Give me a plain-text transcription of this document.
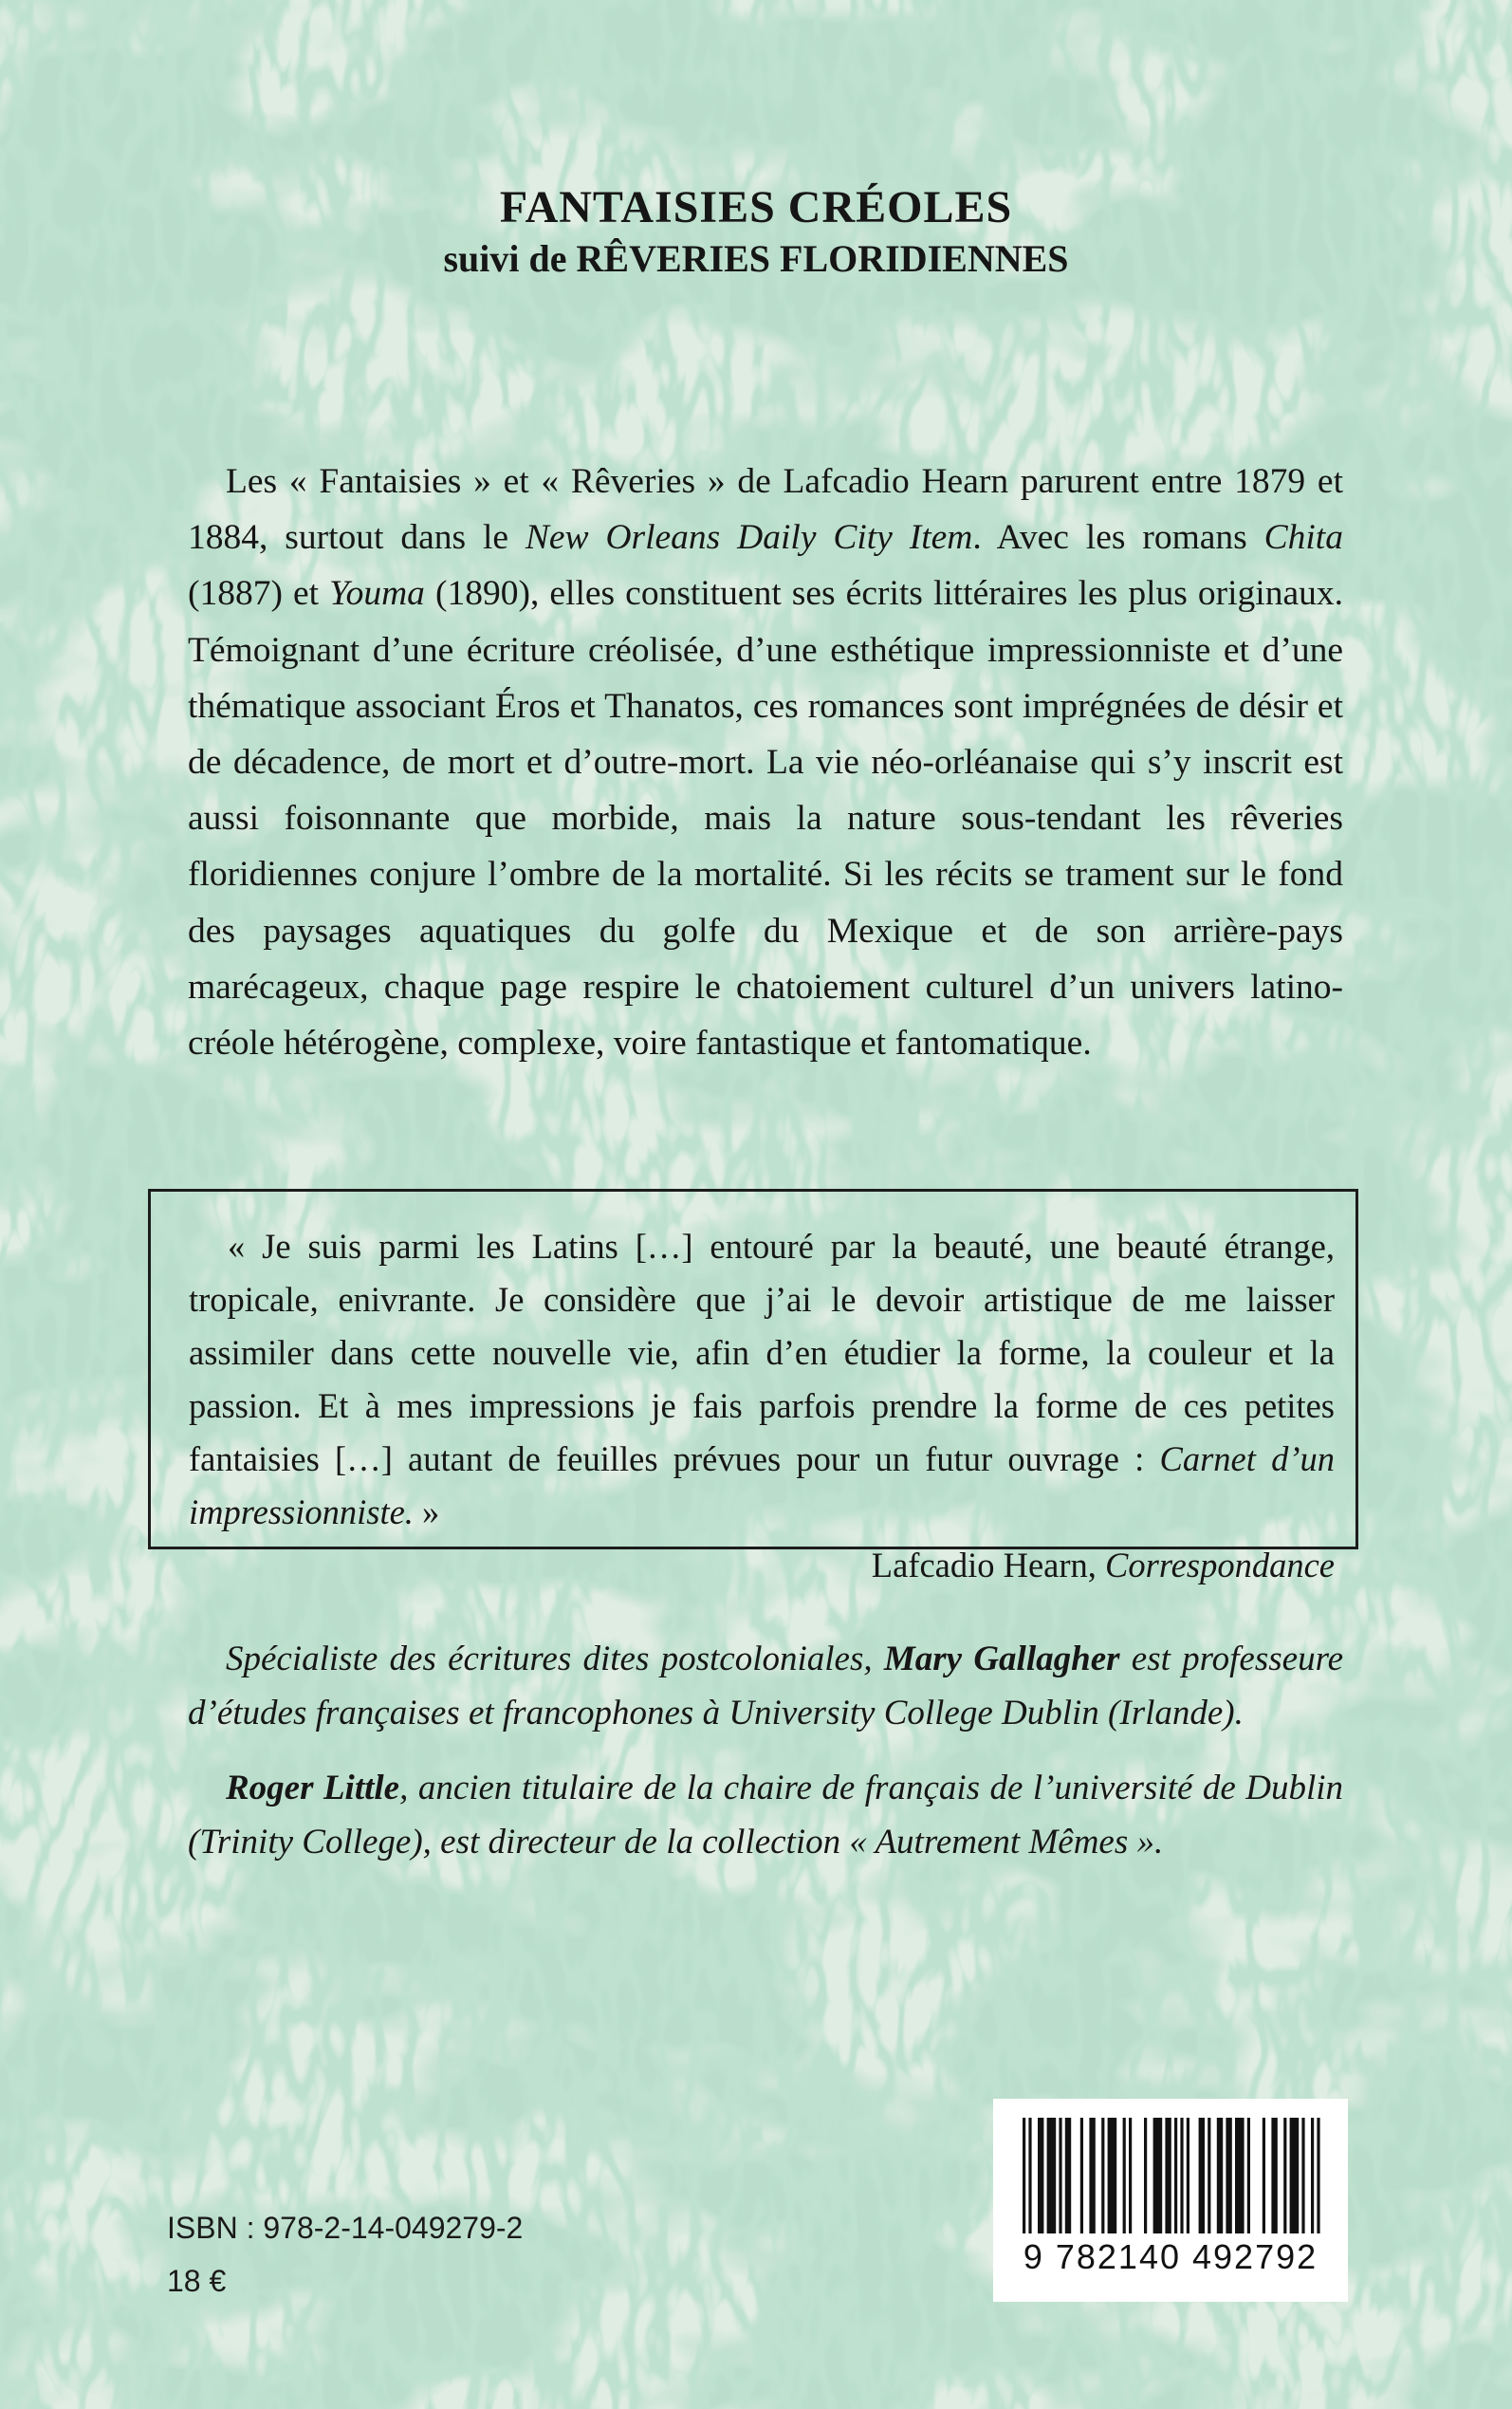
FANTAISIES CRÉOLES
suivi de RÊVERIES FLORIDIENNES

Les « Fantaisies » et « Rêveries » de Lafcadio Hearn parurent entre 1879 et 1884, surtout dans le New Orleans Daily City Item. Avec les romans Chita (1887) et Youma (1890), elles constituent ses écrits littéraires les plus originaux. Témoignant d’une écriture créolisée, d’une esthétique impressionniste et d’une thématique associant Éros et Thanatos, ces romances sont imprégnées de désir et de décadence, de mort et d’outre-mort. La vie néo-orléanaise qui s’y inscrit est aussi foisonnante que morbide, mais la nature sous-tendant les rêveries floridiennes conjure l’ombre de la mortalité. Si les récits se trament sur le fond des paysages aquatiques du golfe du Mexique et de son arrière-pays marécageux, chaque page respire le chatoiement culturel d’un univers latino-créole hétérogène, complexe, voire fantastique et fantomatique.

« Je suis parmi les Latins […] entouré par la beauté, une beauté étrange, tropicale, enivrante. Je considère que j’ai le devoir artistique de me laisser assimiler dans cette nouvelle vie, afin d’en étudier la forme, la couleur et la passion. Et à mes impressions je fais parfois prendre la forme de ces petites fantaisies […] autant de feuilles prévues pour un futur ouvrage : Carnet d’un impressionniste. »

Lafcadio Hearn, Correspondance

Spécialiste des écritures dites postcoloniales, Mary Gallagher est professeure d’études françaises et francophones à University College Dublin (Irlande).

Roger Little, ancien titulaire de la chaire de français de l’université de Dublin (Trinity College), est directeur de la collection « Autrement Mêmes ».

ISBN : 978-2-14-049279-2
18 €
9 782140 492792
